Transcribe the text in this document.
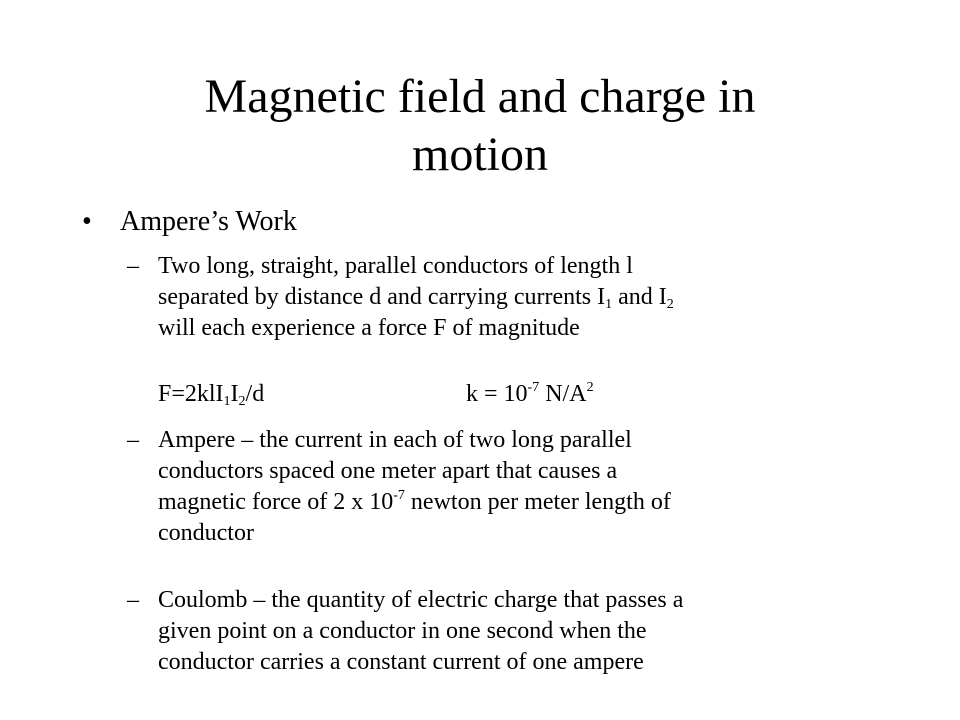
Magnetic field and charge in
motion
•	Ampere’s Work
– Two long, straight, parallel conductors of length l
separated by distance d and carrying currents $I_1$ and $I_2$
will each experience a force F of magnitude
$F=2klI_1I_2/d$	$k = 10^{-7}$ $N/A^2$
– Ampere – the current in each of two long parallel
conductors spaced one meter apart that causes a
magnetic force of 2 x $10^{-7}$ newton per meter length of
conductor
– Coulomb – the quantity of electric charge that passes a
given point on a conductor in one second when the
conductor carries a constant current of one ampere
